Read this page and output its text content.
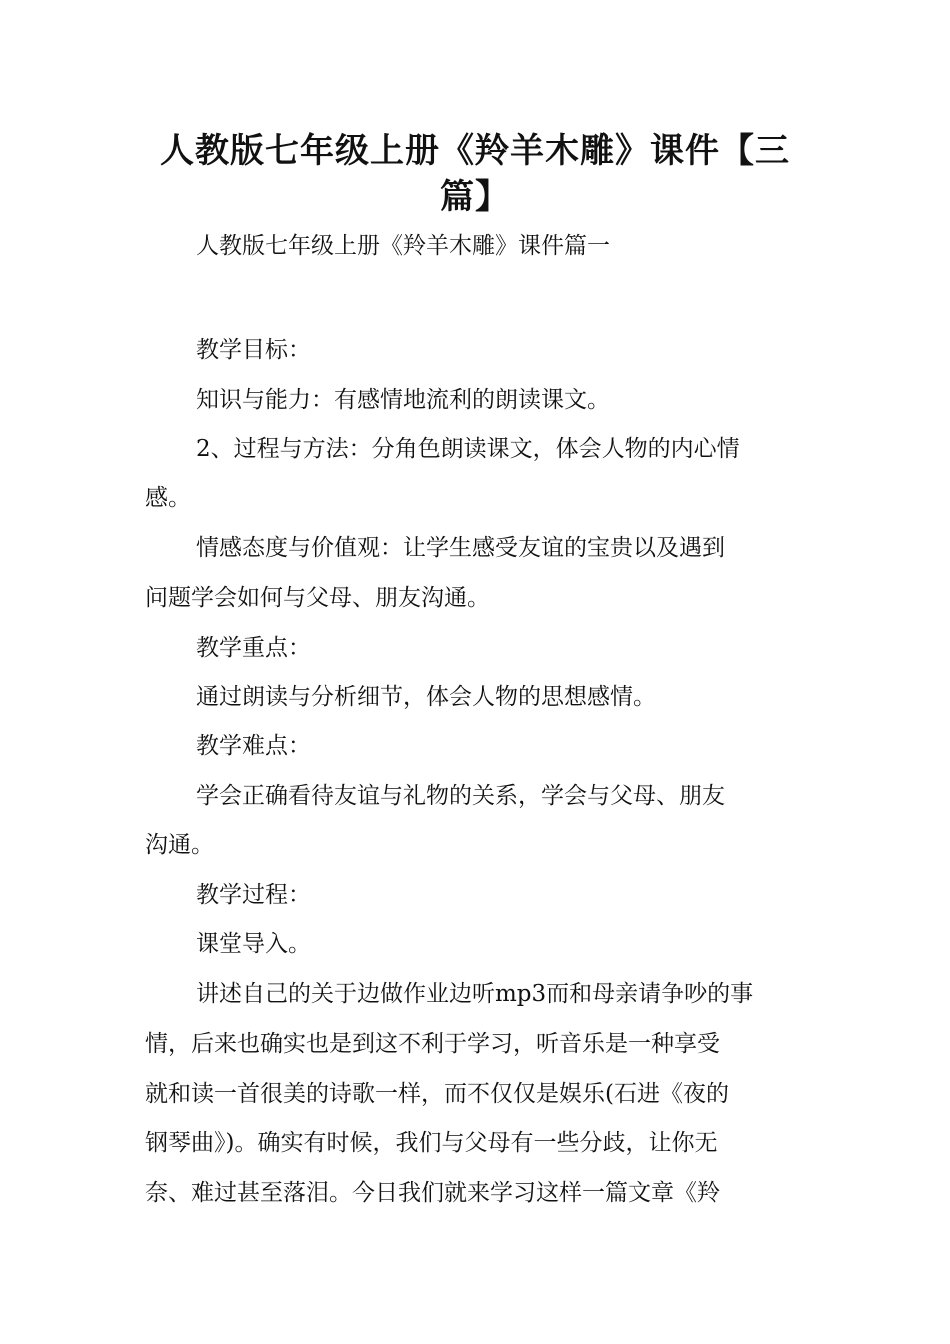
人教版七年级上册《羚羊木雕》课件【三
篇】
人教版七年级上册《羚羊木雕》课件篇一
教学目标：
知识与能力：有感情地流利的朗读课文。
2、过程与方法：分角色朗读课文，体会人物的内心情
感。
情感态度与价值观：让学生感受友谊的宝贵以及遇到
问题学会如何与父母、朋友沟通。
教学重点：
通过朗读与分析细节，体会人物的思想感情。
教学难点：
学会正确看待友谊与礼物的关系，学会与父母、朋友
沟通。
教学过程：
课堂导入。
讲述自己的关于边做作业边听mp3而和母亲请争吵的事
情，后来也确实也是到这不利于学习，听音乐是一种享受
就和读一首很美的诗歌一样，而不仅仅是娱乐(石进《夜的
钢琴曲》)。确实有时候，我们与父母有一些分歧，让你无
奈、难过甚至落泪。今日我们就来学习这样一篇文章《羚
